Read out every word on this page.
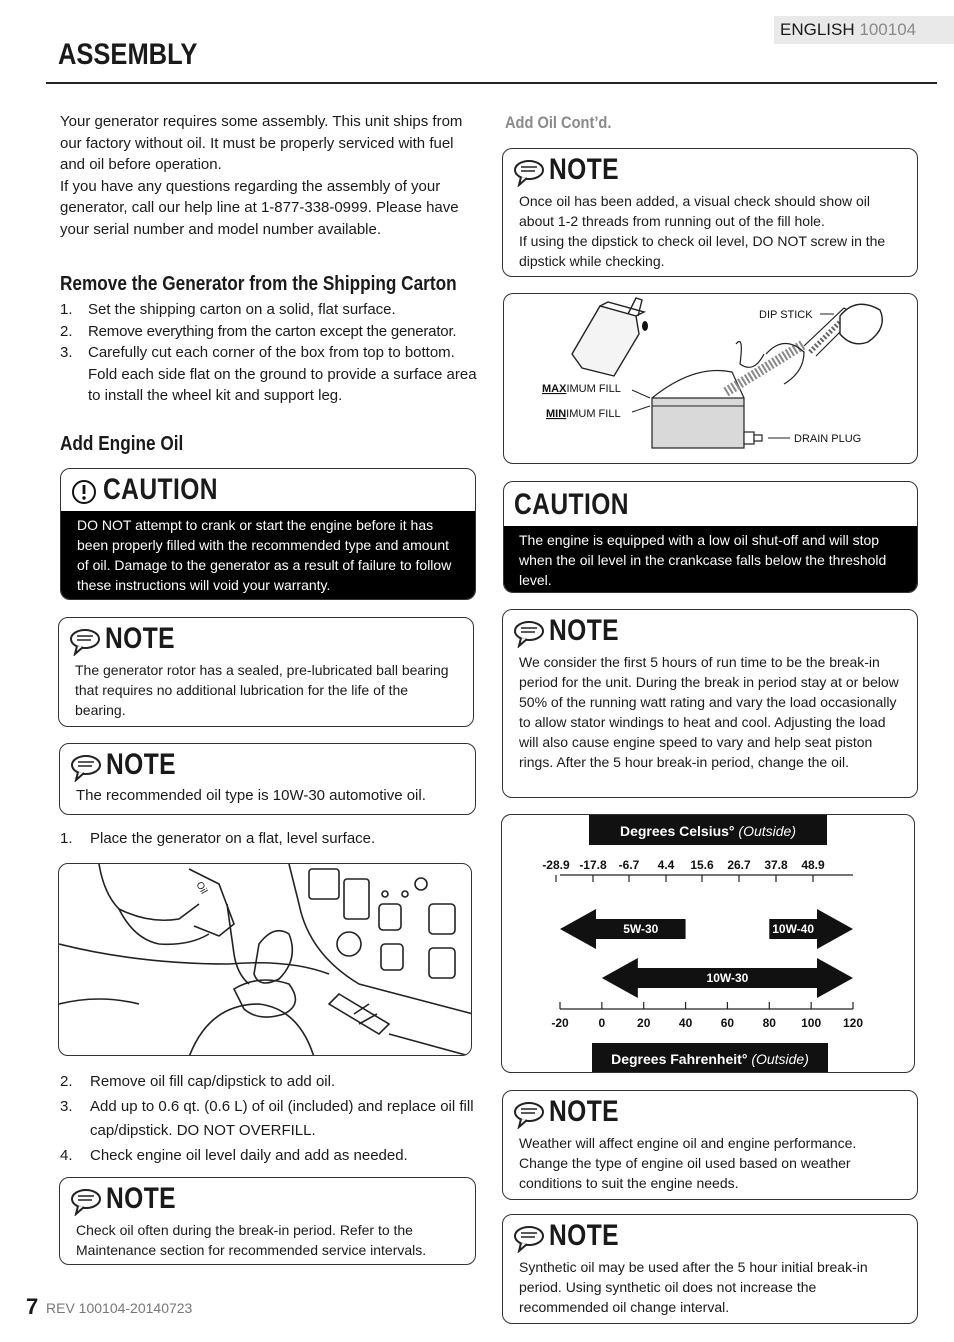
ENGLISH 100104
ASSEMBLY
Your generator requires some assembly. This unit ships from our factory without oil. It must be properly serviced with fuel and oil before operation.
If you have any questions regarding the assembly of your generator, call our help line at 1-877-338-0999. Please have your serial number and model number available.
Remove the Generator from the Shipping Carton
1. Set the shipping carton on a solid, flat surface.
2. Remove everything from the carton except the generator.
3. Carefully cut each corner of the box from top to bottom. Fold each side flat on the ground to provide a surface area to install the wheel kit and support leg.
Add Engine Oil
CAUTION
DO NOT attempt to crank or start the engine before it has been properly filled with the recommended type and amount of oil. Damage to the generator as a result of failure to follow these instructions will void your warranty.
NOTE
The generator rotor has a sealed, pre-lubricated ball bearing that requires no additional lubrication for the life of the bearing.
NOTE
The recommended oil type is 10W-30 automotive oil.
1. Place the generator on a flat, level surface.
Oil
2. Remove oil fill cap/dipstick to add oil.
3. Add up to 0.6 qt. (0.6 L) of oil (included) and replace oil fill cap/dipstick. DO NOT OVERFILL.
4. Check engine oil level daily and add as needed.
NOTE
Check oil often during the break-in period. Refer to the Maintenance section for recommended service intervals.
Add Oil Cont’d.
NOTE
Once oil has been added, a visual check should show oil about 1-2 threads from running out of the fill hole.
If using the dipstick to check oil level, DO NOT screw in the dipstick while checking.
DIP STICK
MAXIMUM FILL
MINIMUM FILL
DRAIN PLUG
CAUTION
The engine is equipped with a low oil shut-off and will stop when the oil level in the crankcase falls below the threshold level.
NOTE
We consider the first 5 hours of run time to be the break-in period for the unit. During the break in period stay at or below 50% of the running watt rating and vary the load occasionally to allow stator windings to heat and cool. Adjusting the load will also cause engine speed to vary and help seat piston rings. After the 5 hour break-in period, change the oil.
Degrees Celsius° (Outside)
Degrees Fahrenheit° (Outside)
-28.9 -17.8 -6.7 4.4 15.6 26.7 37.8 48.9
-20 0	20 40 60 80 100 120
5W-30	10W-40
10W-30
NOTE
Weather will affect engine oil and engine performance. Change the type of engine oil used based on weather conditions to suit the engine needs.
NOTE
Synthetic oil may be used after the 5 hour initial break-in period. Using synthetic oil does not increase the recommended oil change interval.
7 REV 100104-20140723
